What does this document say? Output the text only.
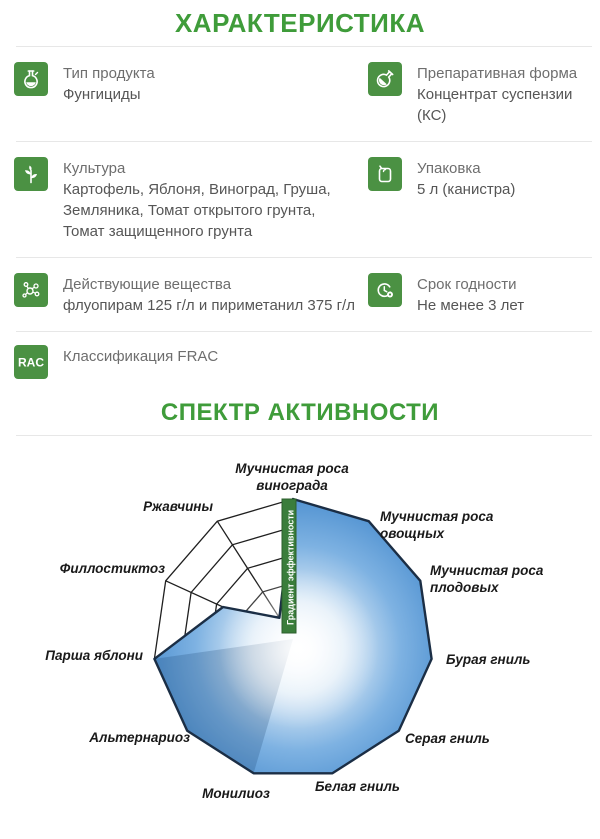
ХАРАКТЕРИСТИКА
Тип продукта
Фунгициды
Препаративная форма
Концентрат суспензии (КС)
Культура
Картофель, Яблоня, Виноград, Груша, Земляника, Томат открытого грунта, Томат защищенного грунта
Упаковка
5 л (канистра)
Действующие вещества
флуопирам 125 г/л и пириметанил 375 г/л
Срок годности
Не менее 3 лет
RAC Классификация FRAC
СПЕКТР АКТИВНОСТИ
Градиент эффективности
Мучнистая роса винограда
Мучнистая роса овощных
Мучнистая роса плодовых
Бурая гниль
Серая гниль
Белая гниль
Монилиоз
Альтернариоз
Парша яблони
Филлостиктоз
Ржавчины
